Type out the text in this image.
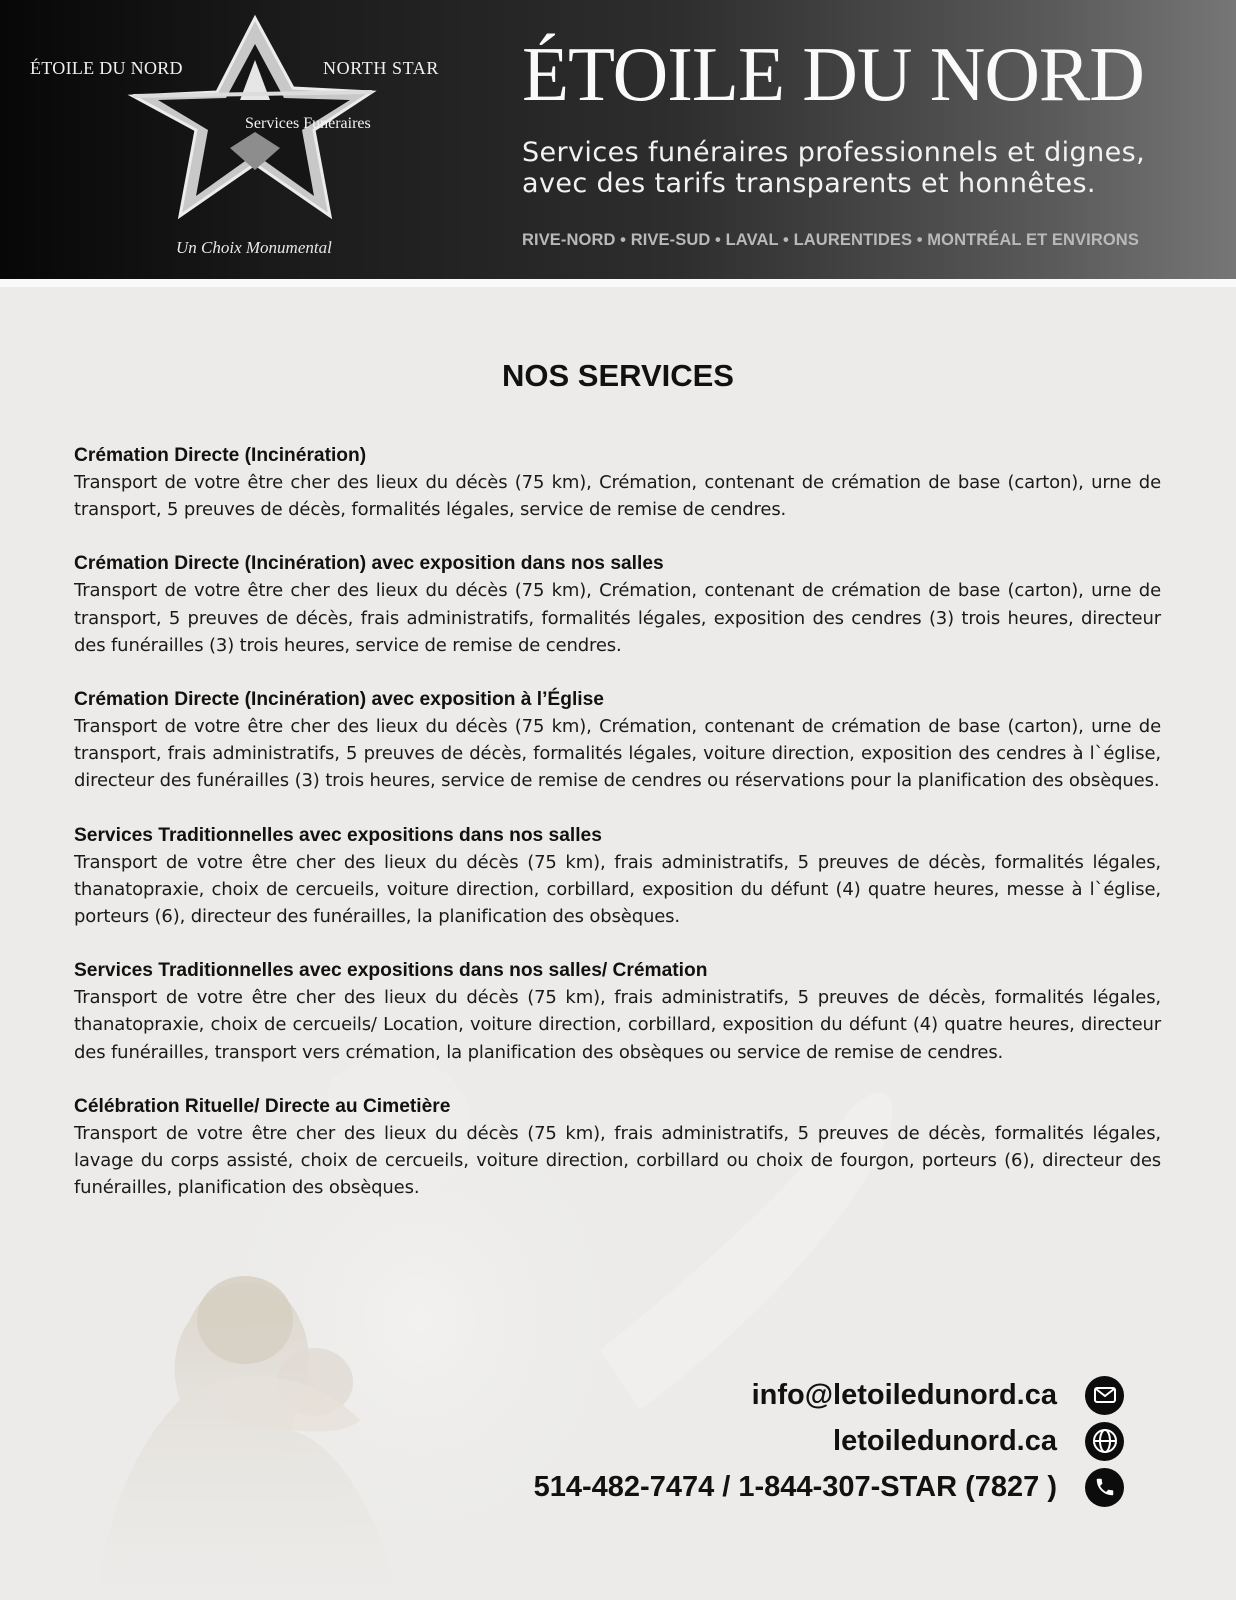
ÉTOILE DU NORD	NORTH STAR
Services Funéraires
Un Choix Monumental
ÉTOILE DU NORD
Services funéraires professionnels et dignes,
avec des tarifs transparents et honnêtes.
RIVE-NORD • RIVE-SUD • LAVAL • LAURENTIDES • MONTRÉAL ET ENVIRONS
NOS SERVICES
Crémation Directe (Incinération)
Transport de votre être cher des lieux du décès (75 km), Crémation, contenant de crémation de base (carton), urne de transport, 5 preuves de décès, formalités légales, service de remise de cendres.
Crémation Directe (Incinération) avec exposition dans nos salles
Transport de votre être cher des lieux du décès (75 km), Crémation, contenant de crémation de base (carton), urne de transport, 5 preuves de décès, frais administratifs, formalités légales, exposition des cendres (3) trois heures, directeur des funérailles (3) trois heures, service de remise de cendres.
Crémation Directe (Incinération) avec exposition à l’Église
Transport de votre être cher des lieux du décès (75 km), Crémation, contenant de crémation de base (carton), urne de transport, frais administratifs, 5 preuves de décès, formalités légales, voiture direction, exposition des cendres à l`église, directeur des funérailles (3) trois heures, service de remise de cendres ou réservations pour la planification des obsèques.
Services Traditionnelles avec expositions dans nos salles
Transport de votre être cher des lieux du décès (75 km), frais administratifs, 5 preuves de décès, formalités légales, thanatopraxie, choix de cercueils, voiture direction, corbillard, exposition du défunt (4) quatre heures, messe à l`église, porteurs (6), directeur des funérailles, la planification des obsèques.
Services Traditionnelles avec expositions dans nos salles/ Crémation
Transport de votre être cher des lieux du décès (75 km), frais administratifs, 5 preuves de décès, formalités légales, thanatopraxie, choix de cercueils/ Location, voiture direction, corbillard, exposition du défunt (4) quatre heures, directeur des funérailles, transport vers crémation, la planification des obsèques ou service de remise de cendres.
Célébration Rituelle/ Directe au Cimetière
Transport de votre être cher des lieux du décès (75 km), frais administratifs, 5 preuves de décès, formalités légales, lavage du corps assisté, choix de cercueils, voiture direction, corbillard ou choix de fourgon, porteurs (6), directeur des funérailles, planification des obsèques.
info@letoiledunord.ca
letoiledunord.ca
514-482-7474 / 1-844-307-STAR (7827 )
